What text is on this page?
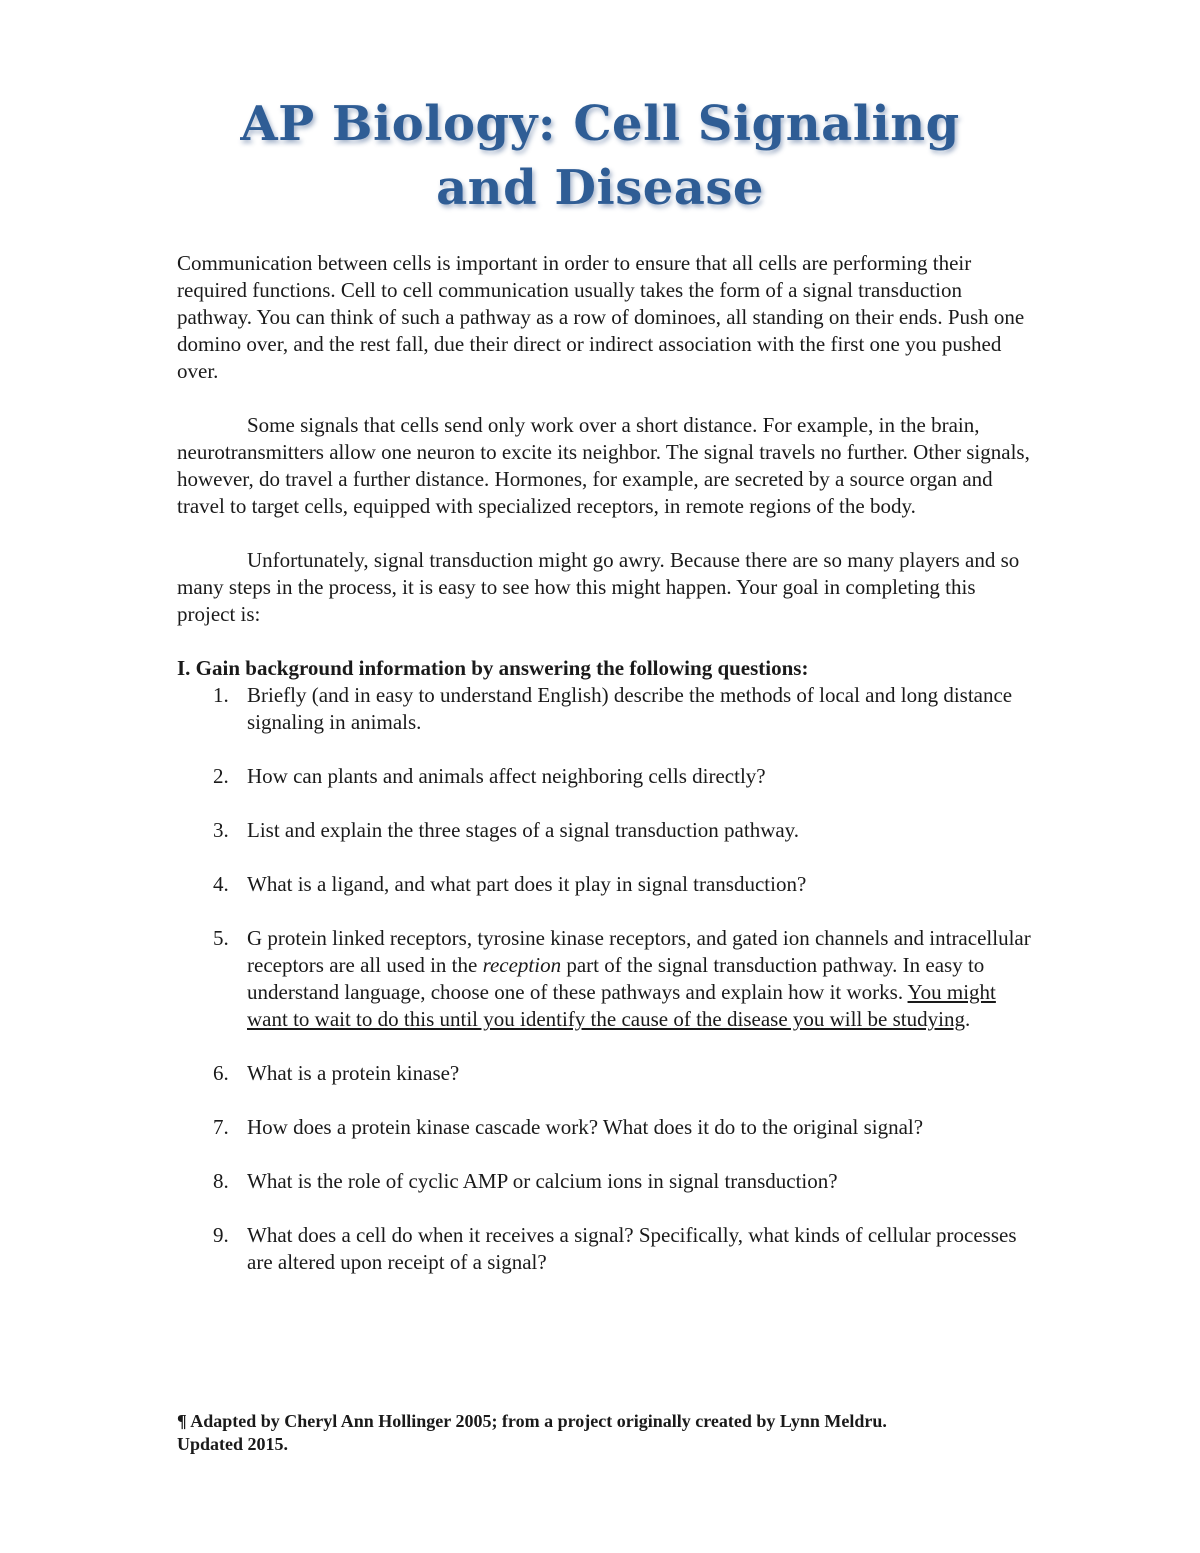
AP Biology: Cell Signaling
and Disease

Communication between cells is important in order to ensure that all cells are performing their required functions. Cell to cell communication usually takes the form of a signal transduction pathway. You can think of such a pathway as a row of dominoes, all standing on their ends. Push one domino over, and the rest fall, due their direct or indirect association with the first one you pushed over.

Some signals that cells send only work over a short distance. For example, in the brain, neurotransmitters allow one neuron to excite its neighbor. The signal travels no further. Other signals, however, do travel a further distance. Hormones, for example, are secreted by a source organ and travel to target cells, equipped with specialized receptors, in remote regions of the body.

Unfortunately, signal transduction might go awry. Because there are so many players and so many steps in the process, it is easy to see how this might happen. Your goal in completing this project is:

I. Gain background information by answering the following questions:
1. Briefly (and in easy to understand English) describe the methods of local and long distance signaling in animals.
2. How can plants and animals affect neighboring cells directly?
3. List and explain the three stages of a signal transduction pathway.
4. What is a ligand, and what part does it play in signal transduction?
5. G protein linked receptors, tyrosine kinase receptors, and gated ion channels and intracellular receptors are all used in the reception part of the signal transduction pathway. In easy to understand language, choose one of these pathways and explain how it works. You might want to wait to do this until you identify the cause of the disease you will be studying.
6. What is a protein kinase?
7. How does a protein kinase cascade work? What does it do to the original signal?
8. What is the role of cyclic AMP or calcium ions in signal transduction?
9. What does a cell do when it receives a signal? Specifically, what kinds of cellular processes are altered upon receipt of a signal?
¶ Adapted by Cheryl Ann Hollinger 2005; from a project originally created by Lynn Meldru.
Updated 2015.
